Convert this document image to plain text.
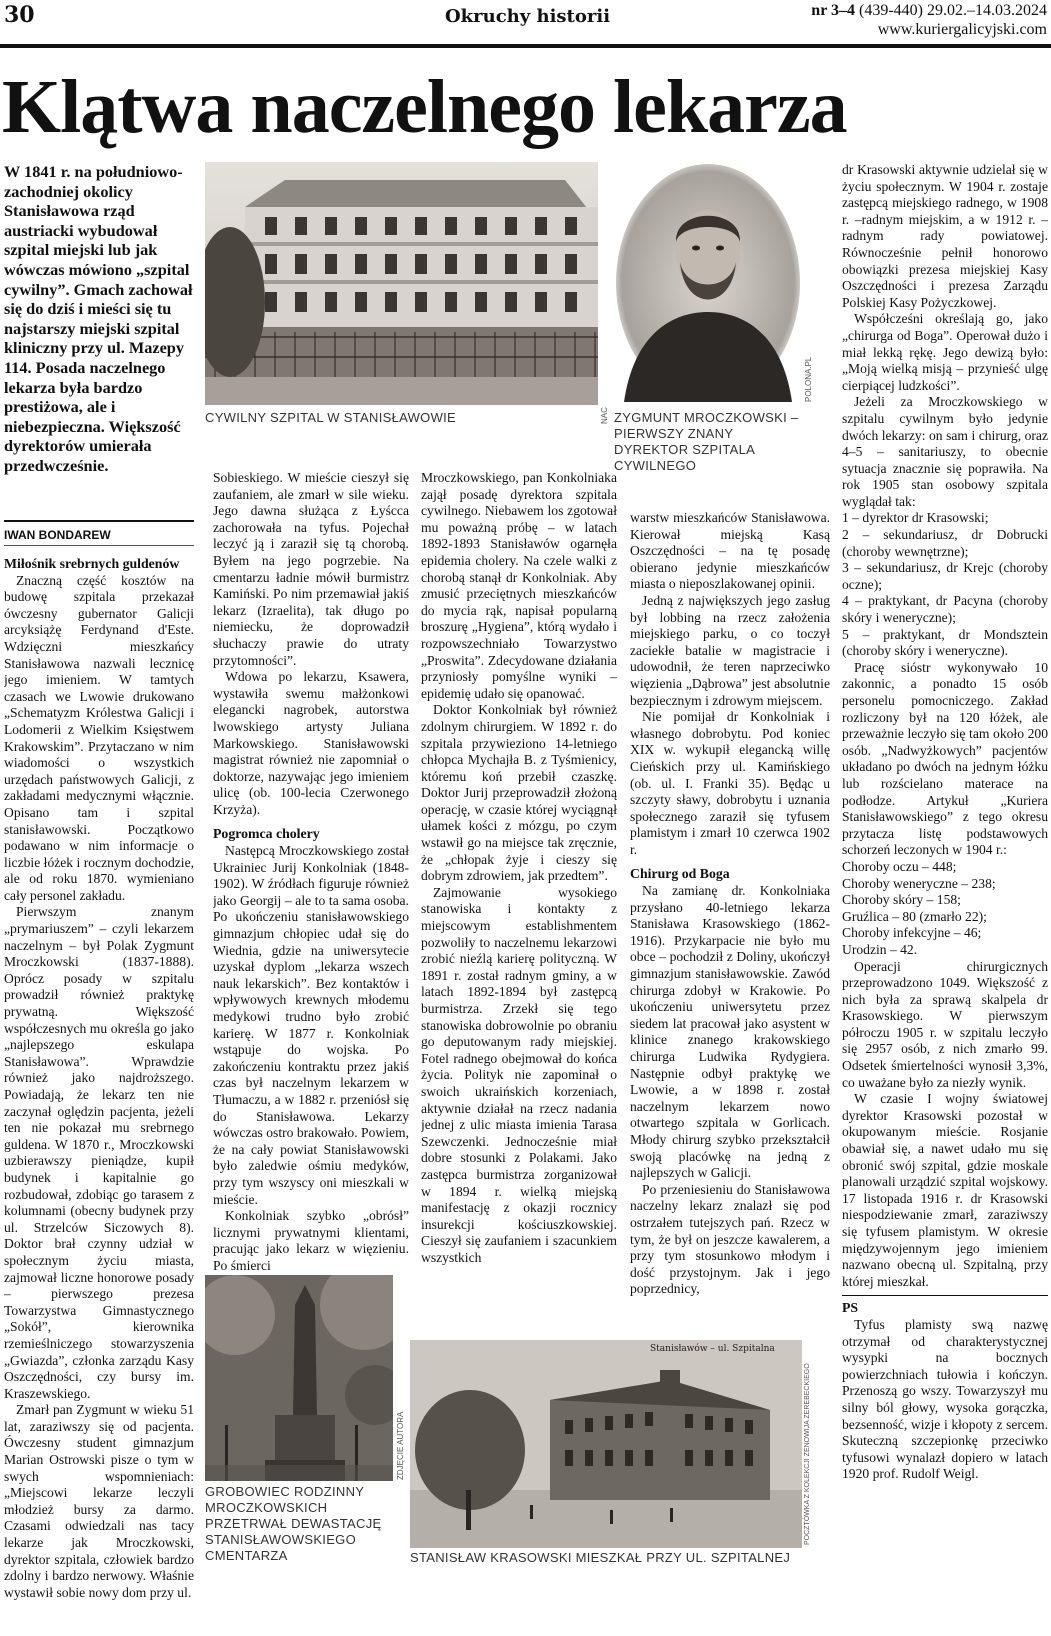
30	Okruchy historii	nr 3–4 (439-440) 29.02.–14.03.2024
www.kuriergalicyjski.com
Klątwa naczelnego lekarza
W 1841 r. na południowo-zachodniej okolicy Stanisławowa rząd austriacki wybudował szpital miejski lub jak wówczas mówiono „szpital cywilny”. Gmach zachował się do dziś i mieści się tu najstarszy miejski szpital kliniczny przy ul. Mazepy 114. Posada naczelnego lekarza była bardzo prestiżowa, ale i niebezpieczna. Większość dyrektorów umierała przedwcześnie.
IWAN BONDAREW
CYWILNY SZPITAL W STANISŁAWOWIE	NAC
POLONA.PL
ZYGMUNT MROCZKOWSKI – PIERWSZY ZNANY DYREKTOR SZPITALA CYWILNEGO
ZDJĘCIE AUTORA
GROBOWIEC RODZINNY MROCZKOWSKICH PRZETRWAŁ DEWASTACJĘ STANISŁAWOWSKIEGO CMENTARZA
Stanisławów – ul. Szpitalna
POCZTÓWKA Z KOLEKCJI ZENOWIJA ZEREBECKIEGO
STANISŁAW KRASOWSKI MIESZKAŁ PRZY UL. SZPITALNEJ
Miłośnik srebrnych guldenów

Znaczną część kosztów na budowę szpitala przekazał ówczesny gubernator Galicji arcyksiążę Ferdynand d'Este. Wdzięczni mieszkańcy Stanisławowa nazwali lecznicę jego imieniem. W tamtych czasach we Lwowie drukowano „Schematyzm Królestwa Galicji i Lodomerii z Wielkim Księstwem Krakowskim”. Przytaczano w nim wiadomości o wszystkich urzędach państwowych Galicji, z zakładami medycznymi włącznie. Opisano tam i szpital stanisławowski. Początkowo podawano w nim informacje o liczbie łóżek i rocznym dochodzie, ale od roku 1870. wymieniano cały personel zakładu.

Pierwszym znanym „prymariuszem” – czyli lekarzem naczelnym – był Polak Zygmunt Mroczkowski (1837-1888). Oprócz posady w szpitalu prowadził również praktykę prywatną. Większość współczesnych mu określa go jako „najlepszego eskulapa Stanisławowa”. Wprawdzie również jako najdroższego. Powiadają, że lekarz ten nie zaczynał oględzin pacjenta, jeżeli ten nie pokazał mu srebrnego guldena. W 1870 r., Mroczkowski uzbierawszy pieniądze, kupił budynek i kapitalnie go rozbudował, zdobiąc go tarasem z kolumnami (obecny budynek przy ul. Strzelców Siczowych 8). Doktor brał czynny udział w społecznym życiu miasta, zajmował liczne honorowe posady – pierwszego prezesa Towarzystwa Gimnastycznego „Sokół”, kierownika rzemieślniczego stowarzyszenia „Gwiazda”, członka zarządu Kasy Oszczędności, czy bursy im. Kraszewskiego.

Zmarł pan Zygmunt w wieku 51 lat, zaraziwszy się od pacjenta. Ówczesny student gimnazjum Marian Ostrowski pisze o tym w swych wspomnieniach: „Miejscowi lekarze leczyli młodzież bursy za darmo. Czasami odwiedzali nas tacy lekarze jak Mroczkowski, dyrektor szpitala, człowiek bardzo zdolny i bardzo nerwowy. Właśnie wystawił sobie nowy dom przy ul.

Sobieskiego. W mieście cieszył się zaufaniem, ale zmarł w sile wieku. Jego dawna służąca z Łyścca zachorowała na tyfus. Pojechał leczyć ją i zaraził się tą chorobą. Byłem na jego pogrzebie. Na cmentarzu ładnie mówił burmistrz Kamiński. Po nim przemawiał jakiś lekarz (Izraelita), tak długo po niemiecku, że doprowadził słuchaczy prawie do utraty przytomności”.

Wdowa po lekarzu, Ksawera, wystawiła swemu małżonkowi elegancki nagrobek, autorstwa lwowskiego artysty Juliana Markowskiego. Stanisławowski magistrat również nie zapomniał o doktorze, nazywając jego imieniem ulicę (ob. 100-lecia Czerwonego Krzyża).

Pogromca cholery

Następcą Mroczkowskiego został Ukrainiec Jurij Konkolniak (1848-1902). W źródłach figuruje również jako Georgij – ale to ta sama osoba. Po ukończeniu stanisławowskiego gimnazjum chłopiec udał się do Wiednia, gdzie na uniwersytecie uzyskał dyplom „lekarza wszech nauk lekarskich”. Bez kontaktów i wpływowych krewnych młodemu medykowi trudno było zrobić karierę. W 1877 r. Konkolniak wstąpuje do wojska. Po zakończeniu kontraktu przez jakiś czas był naczelnym lekarzem w Tłumaczu, a w 1882 r. przeniósł się do Stanisławowa. Lekarzy wówczas ostro brakowało. Powiem, że na cały powiat Stanisławowski było zaledwie ośmiu medyków, przy tym wszyscy oni mieszkali w mieście.

Konkolniak szybko „obrósł” licznymi prywatnymi klientami, pracując jako lekarz w więzieniu. Po śmierci

Mroczkowskiego, pan Konkolniaka zajął posadę dyrektora szpitala cywilnego. Niebawem los zgotował mu poważną próbę – w latach 1892-1893 Stanisławów ogarnęła epidemia cholery. Na czele walki z chorobą stanął dr Konkolniak. Aby zmusić przeciętnych mieszkańców do mycia rąk, napisał popularną broszurę „Hygiena”, którą wydało i rozpowszechniało Towarzystwo „Proswita”. Zdecydowane działania przyniosły pomyślne wyniki – epidemię udało się opanować.

Doktor Konkolniak był również zdolnym chirurgiem. W 1892 r. do szpitala przywieziono 14-letniego chłopca Mychajła B. z Tyśmienicy, któremu koń przebił czaszkę. Doktor Jurij przeprowadził złożoną operację, w czasie której wyciągnął ułamek kości z mózgu, po czym wstawił go na miejsce tak zręcznie, że „chłopak żyje i cieszy się dobrym zdrowiem, jak przedtem”.

Zajmowanie wysokiego stanowiska i kontakty z miejscowym establishmentem pozwoliły to naczelnemu lekarzowi zrobić nieźlą karierę polityczną. W 1891 r. został radnym gminy, a w latach 1892-1894 był zastępcą burmistrza. Zrzekł się tego stanowiska dobrowolnie po obraniu go deputowanym rady miejskiej. Fotel radnego obejmował do końca życia. Polityk nie zapominał o swoich ukraińskich korzeniach, aktywnie działał na rzecz nadania jednej z ulic miasta imienia Tarasa Szewczenki. Jednocześnie miał dobre stosunki z Polakami. Jako zastępca burmistrza zorganizował w 1894 r. wielką miejską manifestację z okazji rocznicy insurekcji kościuszkowskiej. Cieszył się zaufaniem i szacunkiem wszystkich

warstw mieszkańców Stanisławowa. Kierował miejską Kasą Oszczędności – na tę posadę obierano jedynie mieszkańców miasta o nieposzlakowanej opinii.

Jedną z największych jego zasług był lobbing na rzecz założenia miejskiego parku, o co toczył zaciekłe batalie w magistracie i udowodnił, że teren naprzeciwko więzienia „Dąbrowa” jest absolutnie bezpiecznym i zdrowym miejscem.

Nie pomijał dr Konkolniak i własnego dobrobytu. Pod koniec XIX w. wykupił elegancką willę Cieńskich przy ul. Kamińskiego (ob. ul. I. Franki 35). Będąc u szczyty sławy, dobrobytu i uznania społecznego zaraził się tyfusem plamistym i zmarł 10 czerwca 1902 r.

Chirurg od Boga

Na zamianę dr. Konkolniaka przysłano 40-letniego lekarza Stanisława Krasowskiego (1862-1916). Przykarpacie nie było mu obce – pochodził z Doliny, ukończył gimnazjum stanisławowskie. Zawód chirurga zdobył w Krakowie. Po ukończeniu uniwersytetu przez siedem lat pracował jako asystent w klinice znanego krakowskiego chirurga Ludwika Rydygiera. Następnie odbył praktykę we Lwowie, a w 1898 r. został naczelnym lekarzem nowo otwartego szpitala w Gorlicach. Młody chirurg szybko przekształcił swoją placówkę na jedną z najlepszych w Galicji.

Po przeniesieniu do Stanisławowa naczelny lekarz znalazł się pod ostrzałem tutejszych pań. Rzecz w tym, że był on jeszcze kawalerem, a przy tym stosunkowo młodym i dość przystojnym. Jak i jego poprzednicy,

dr Krasowski aktywnie udzielał się w życiu społecznym. W 1904 r. zostaje zastępcą miejskiego radnego, w 1908 r. –radnym miejskim, a w 1912 r. – radnym rady powiatowej. Równocześnie pełnił honorowo obowiązki prezesa miejskiej Kasy Oszczędności i prezesa Zarządu Polskiej Kasy Pożyczkowej.

Współcześni określają go, jako „chirurga od Boga”. Operował dużo i miał lekką rękę. Jego dewizą było: „Moją wielką misją – przynieść ulgę cierpiącej ludzkości”.

Jeżeli za Mroczkowskiego w szpitalu cywilnym było jedynie dwóch lekarzy: on sam i chirurg, oraz 4–5 – sanitariuszy, to obecnie sytuacja znacznie się poprawiła. Na rok 1905 stan osobowy szpitala wyglądał tak:

1 – dyrektor dr Krasowski;

2 – sekundariusz, dr Dobrucki (choroby wewnętrzne);

3 – sekundariusz, dr Krejc (choroby oczne);

4 – praktykant, dr Pacyna (choroby skóry i weneryczne);

5 – praktykant, dr Mondsztein (choroby skóry i weneryczne).

Pracę sióstr wykonywało 10 zakonnic, a ponadto 15 osób personelu pomocniczego. Zakład rozliczony był na 120 łóżek, ale przeważnie leczyło się tam około 200 osób. „Nadwyżkowych” pacjentów układano po dwóch na jednym łóżku lub rozścielano materace na podłodze. Artykuł „Kuriera Stanisławowskiego” z tego okresu przytacza listę podstawowych schorzeń leczonych w 1904 r.:

Choroby oczu – 448;

Choroby weneryczne – 238;

Choroby skóry – 158;

Gruźlica – 80 (zmarło 22);

Choroby infekcyjne – 46;

Urodzin – 42.

Operacji chirurgicznych przeprowadzono 1049. Większość z nich była za sprawą skalpela dr Krasowskiego. W pierwszym półroczu 1905 r. w szpitalu leczyło się 2957 osób, z nich zmarło 99. Odsetek śmiertelności wynosił 3,3%, co uważane było za niezły wynik.

W czasie I wojny światowej dyrektor Krasowski pozostał w okupowanym mieście. Rosjanie obawiał się, a nawet udało mu się obronić swój szpital, gdzie moskale planowali urządzić szpital wojskowy. 17 listopada 1916 r. dr Krasowski niespodziewanie zmarł, zaraziwszy się tyfusem plamistym. W okresie międzywojennym jego imieniem nazwano obecną ul. Szpitalną, przy której mieszkał.

PS

Tyfus plamisty swą nazwę otrzymał od charakterystycznej wysypki na bocznych powierzchniach tułowia i kończyn. Przenoszą go wszy. Towarzyszył mu silny ból głowy, wysoka gorączka, bezsenność, wizje i kłopoty z sercem. Skuteczną szczepionkę przeciwko tyfusowi wynalazł dopiero w latach 1920 prof. Rudolf Weigl.
